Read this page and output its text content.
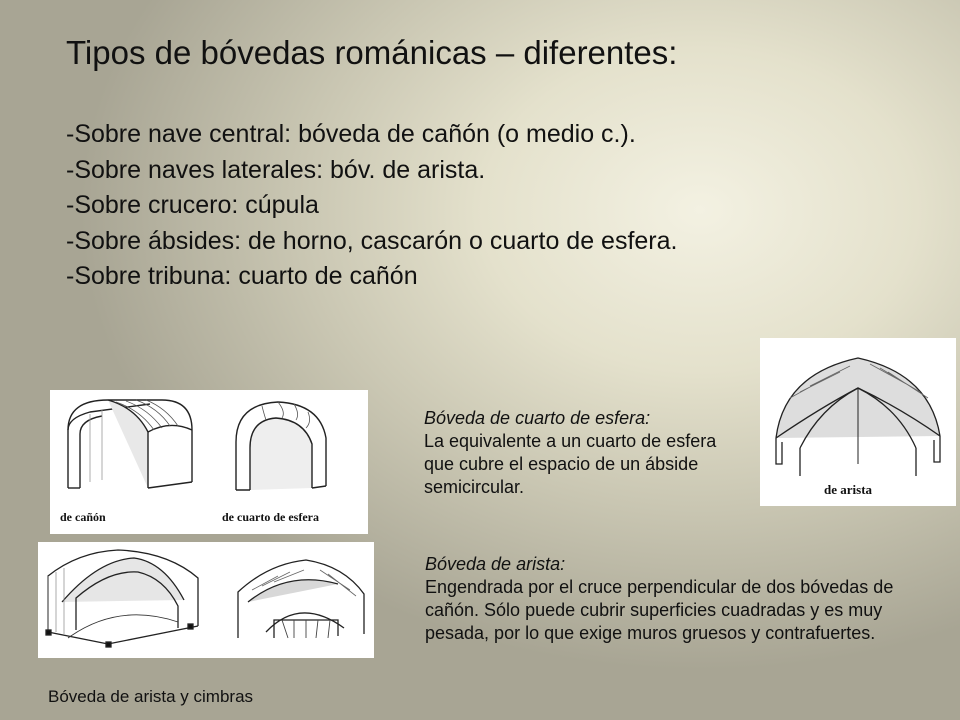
Tipos de bóvedas románicas – diferentes:
-Sobre nave central: bóveda de cañón (o medio c.).
-Sobre naves laterales: bóv. de arista.
-Sobre crucero: cúpula
-Sobre ábsides: de horno, cascarón o cuarto de esfera.
-Sobre tribuna: cuarto de cañón
de cañón	de cuarto de esfera
de arista
Bóveda de cuarto de esfera:
La equivalente a un cuarto de esfera que cubre el espacio de un ábside semicircular.
Bóveda de arista:
Engendrada por el cruce perpendicular de dos bóvedas de cañón. Sólo puede cubrir superficies cuadradas y es muy pesada, por lo que exige muros gruesos y contrafuertes.
Bóveda de arista y cimbras
